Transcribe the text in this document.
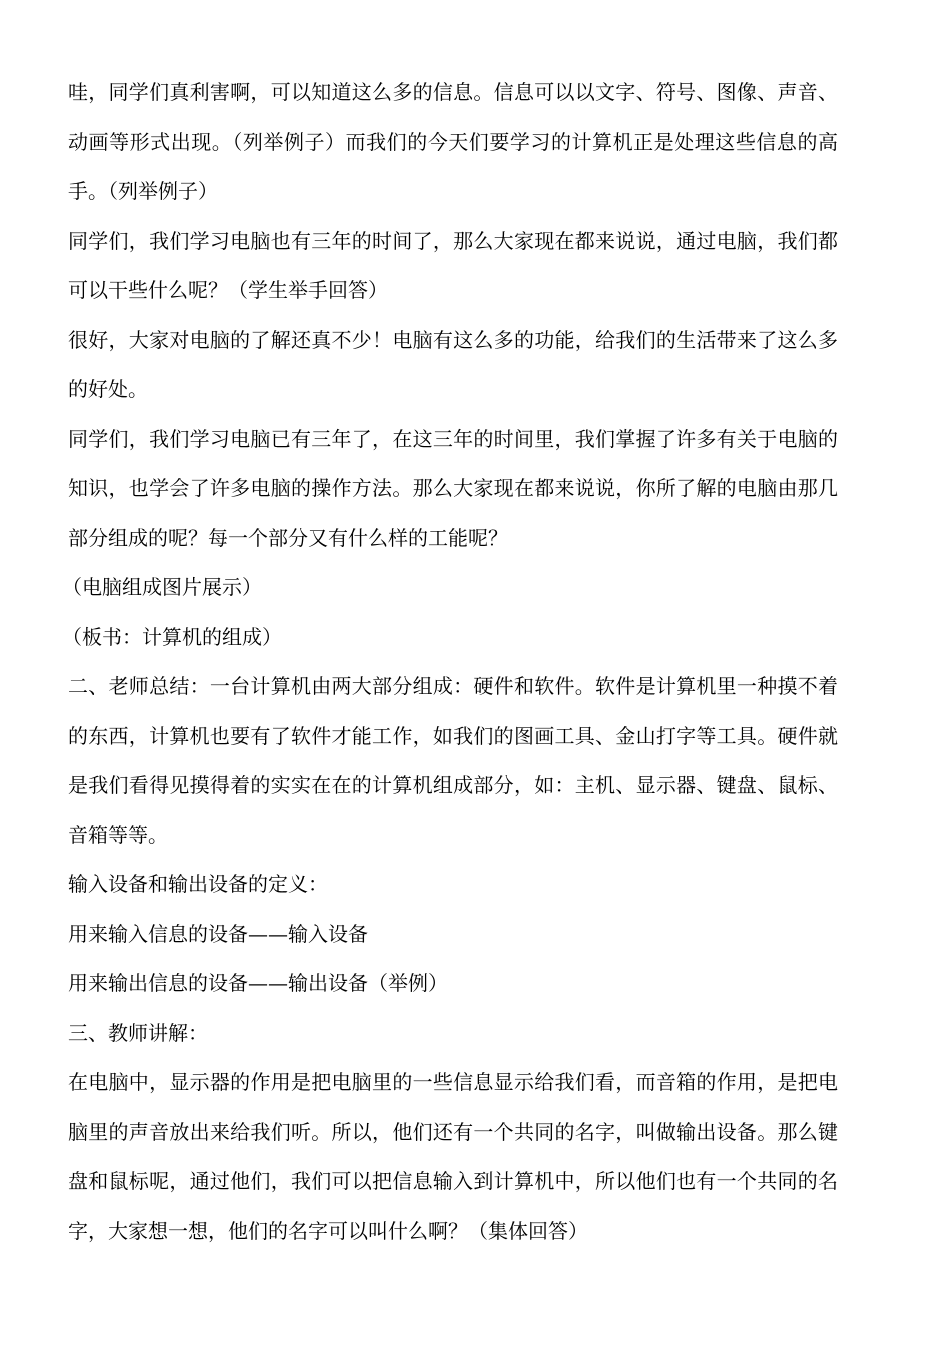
哇，同学们真利害啊，可以知道这么多的信息。信息可以以文字、符号、图像、声音、动画等形式出现。（列举例子）而我们的今天们要学习的计算机正是处理这些信息的高手。（列举例子）

同学们，我们学习电脑也有三年的时间了，那么大家现在都来说说，通过电脑，我们都可以干些什么呢？（学生举手回答）

很好，大家对电脑的了解还真不少！电脑有这么多的功能，给我们的生活带来了这么多的好处。

同学们，我们学习电脑已有三年了，在这三年的时间里，我们掌握了许多有关于电脑的知识，也学会了许多电脑的操作方法。那么大家现在都来说说，你所了解的电脑由那几部分组成的呢？每一个部分又有什么样的工能呢？

（电脑组成图片展示）

（板书：计算机的组成）

二、老师总结：一台计算机由两大部分组成：硬件和软件。软件是计算机里一种摸不着的东西，计算机也要有了软件才能工作，如我们的图画工具、金山打字等工具。硬件就是我们看得见摸得着的实实在在的计算机组成部分，如：主机、显示器、键盘、鼠标、音箱等等。

输入设备和输出设备的定义：

用来输入信息的设备——输入设备

用来输出信息的设备——输出设备（举例）

三、教师讲解：

在电脑中，显示器的作用是把电脑里的一些信息显示给我们看，而音箱的作用，是把电脑里的声音放出来给我们听。所以，他们还有一个共同的名字，叫做输出设备。那么键盘和鼠标呢，通过他们，我们可以把信息输入到计算机中，所以他们也有一个共同的名字，大家想一想，他们的名字可以叫什么啊？（集体回答）
